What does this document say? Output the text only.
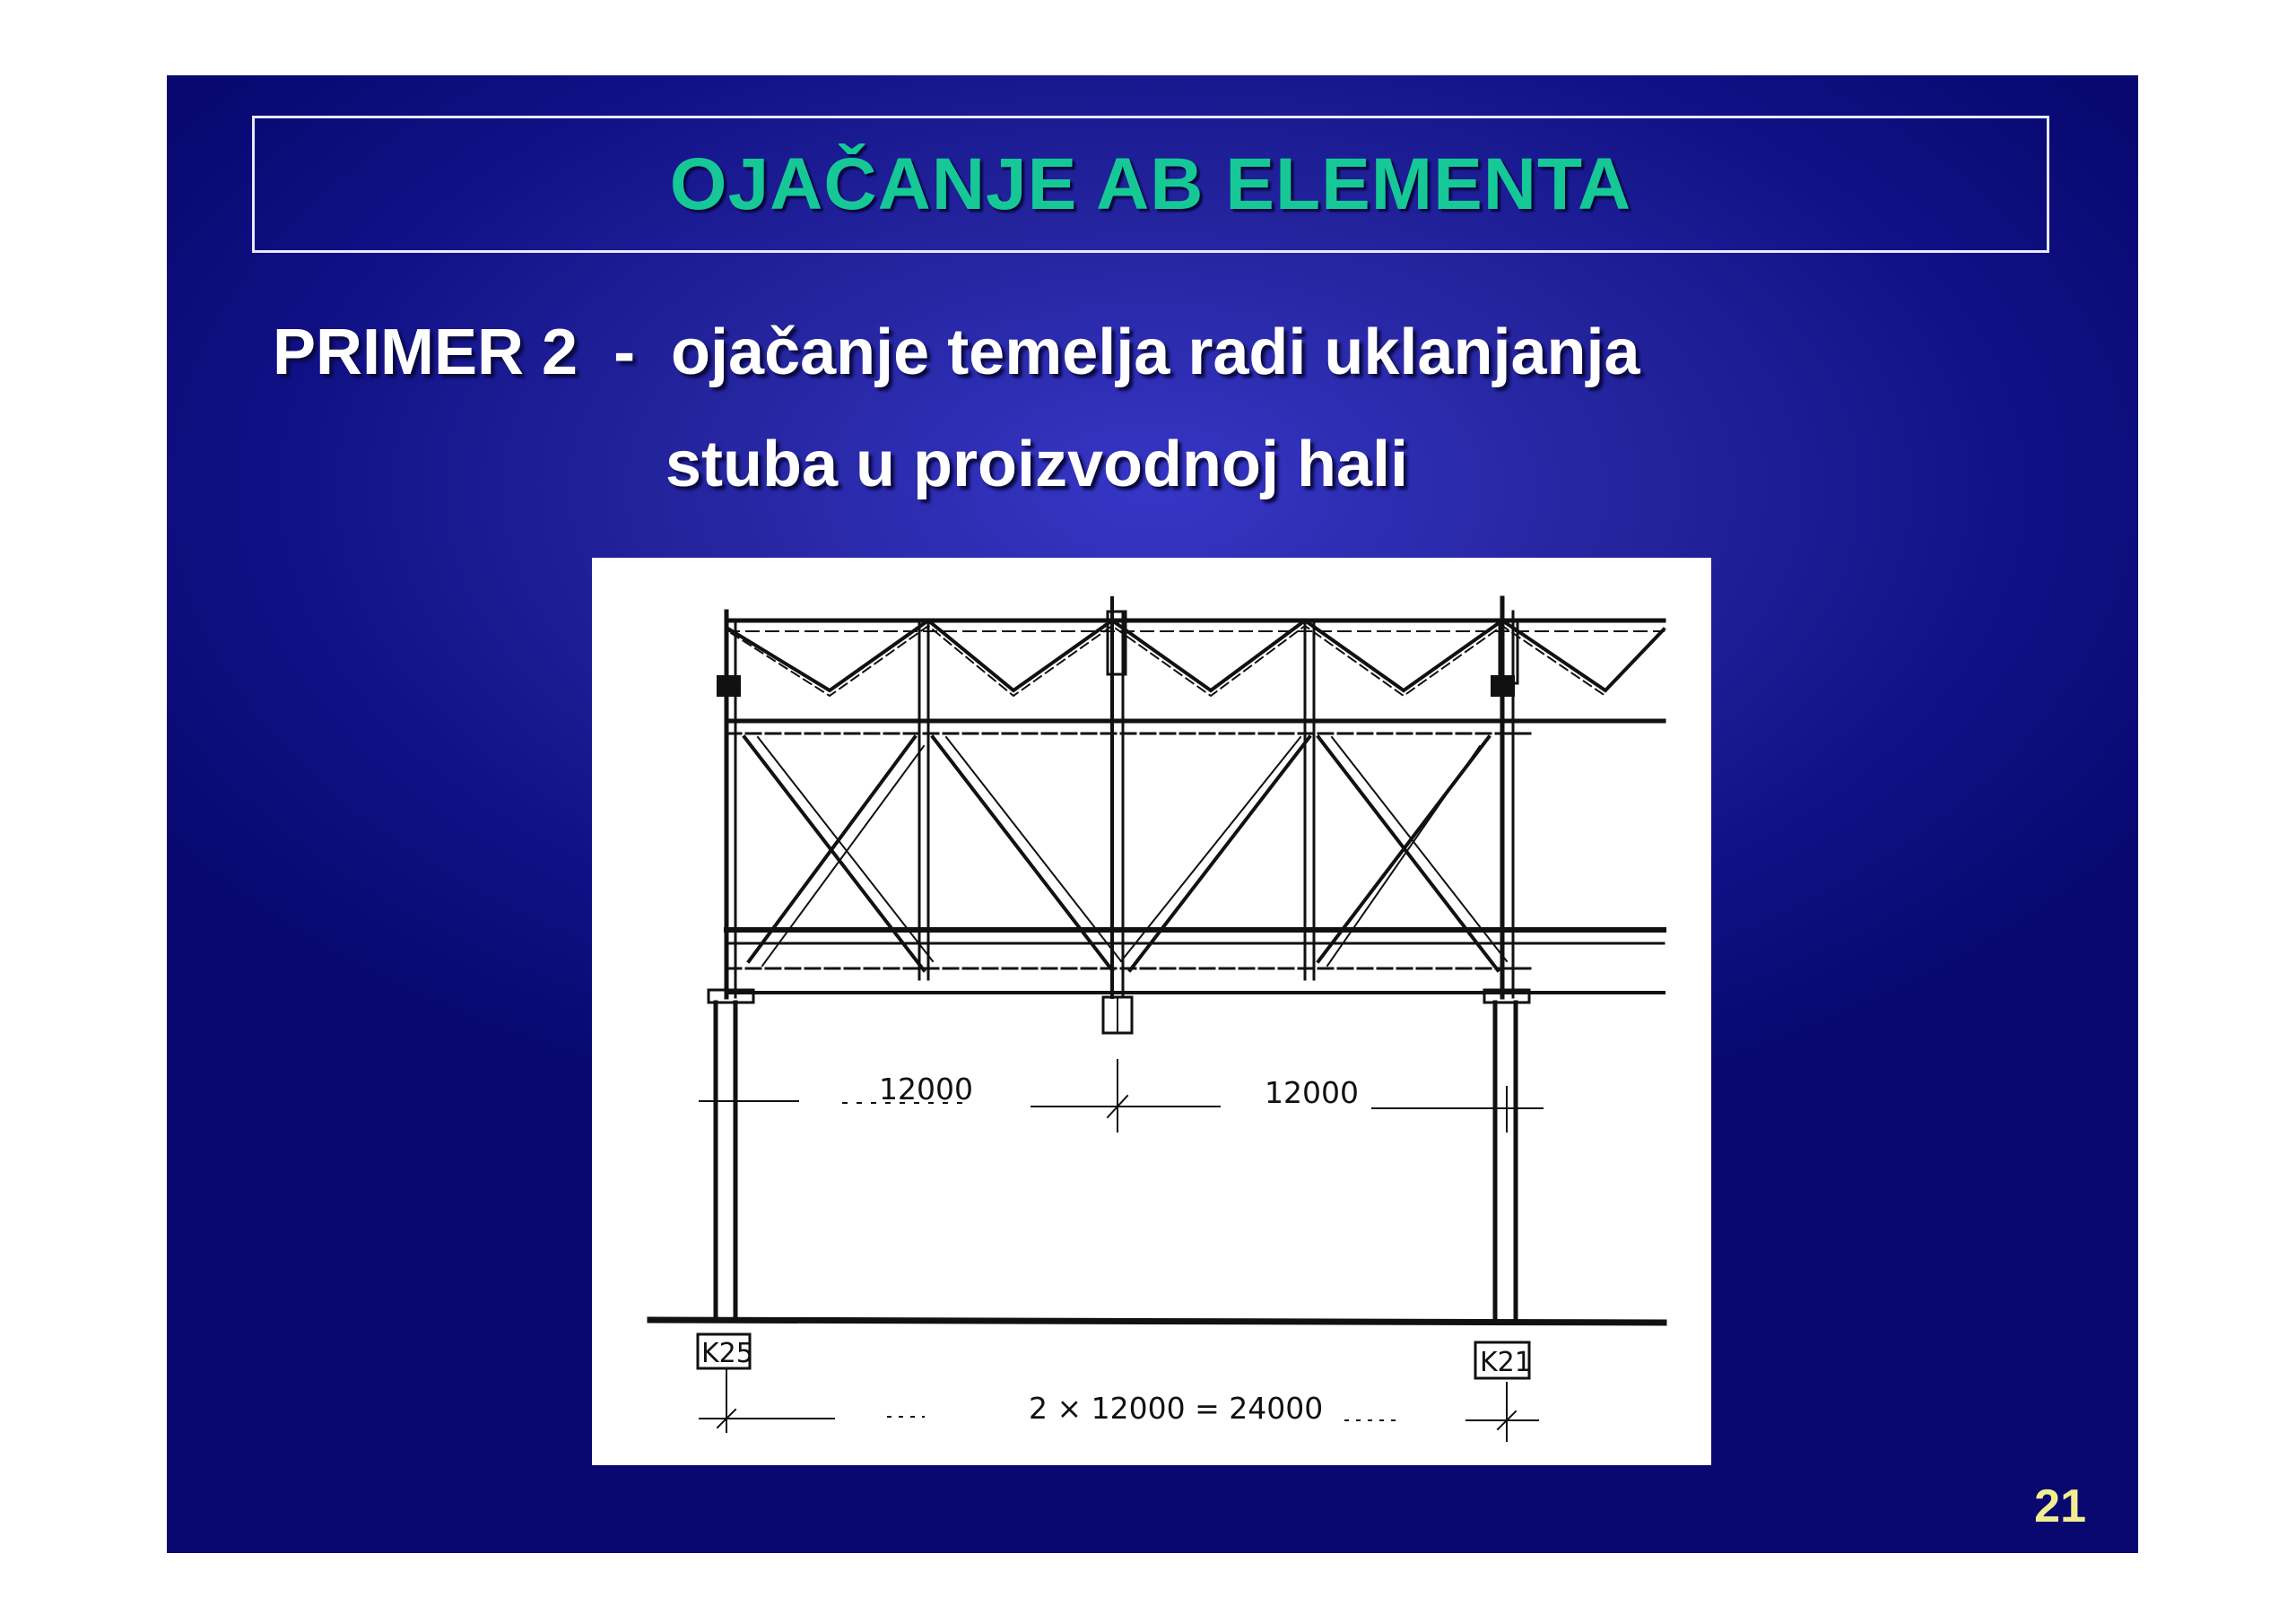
OJAČANJE AB ELEMENTA
PRIMER 2  -  ojačanje temelja radi uklanjanja
stuba u proizvodnoj hali
12000	12000
2 × 12000 = 24000
K25	K21
21
